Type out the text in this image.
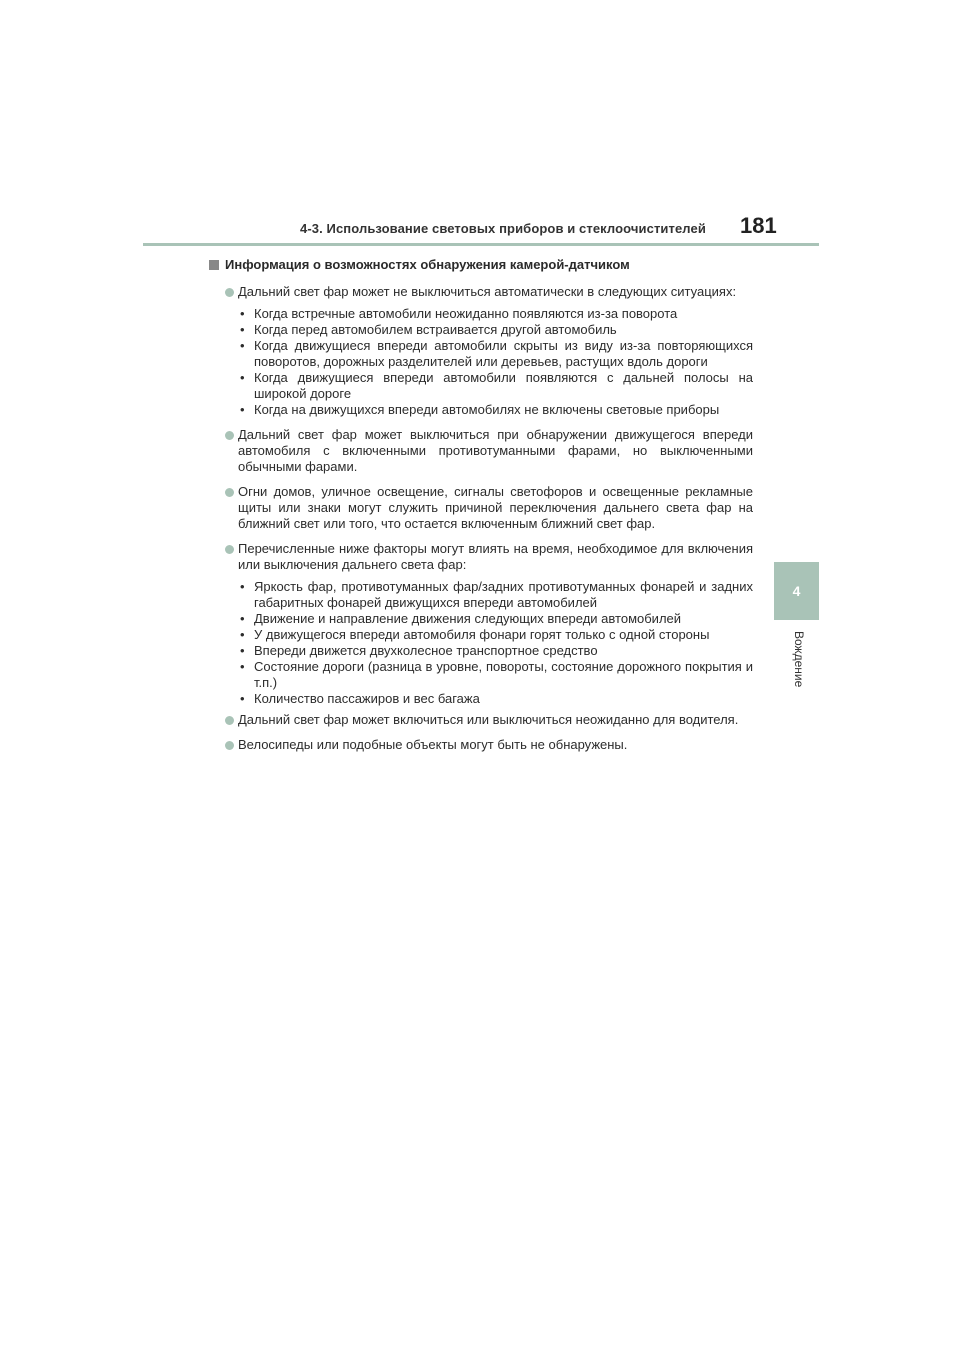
4-3. Использование световых приборов и стеклоочистителей 181
4
Вождение
Информация о возможностях обнаружения камерой-датчиком
Дальний свет фар может не выключиться автоматически в следующих ситуациях:
• Когда встречные автомобили неожиданно появляются из-за поворота
• Когда перед автомобилем встраивается другой автомобиль
• Когда движущиеся впереди автомобили скрыты из виду из-за повторяющихся поворотов, дорожных разделителей или деревьев, растущих вдоль дороги
• Когда движущиеся впереди автомобили появляются с дальней полосы на широкой дороге
• Когда на движущихся впереди автомобилях не включены световые приборы
Дальний свет фар может выключиться при обнаружении движущегося впереди автомобиля с включенными противотуманными фарами, но выключенными обычными фарами.
Огни домов, уличное освещение, сигналы светофоров и освещенные рекламные щиты или знаки могут служить причиной переключения дальнего света фар на ближний свет или того, что остается включенным ближний свет фар.
Перечисленные ниже факторы могут влиять на время, необходимое для включения или выключения дальнего света фар:
• Яркость фар, противотуманных фар/задних противотуманных фонарей и задних габаритных фонарей движущихся впереди автомобилей
• Движение и направление движения следующих впереди автомобилей
• У движущегося впереди автомобиля фонари горят только с одной стороны
• Впереди движется двухколесное транспортное средство
• Состояние дороги (разница в уровне, повороты, состояние дорожного покрытия и т.п.)
• Количество пассажиров и вес багажа
Дальний свет фар может включиться или выключиться неожиданно для водителя.
Велосипеды или подобные объекты могут быть не обнаружены.
